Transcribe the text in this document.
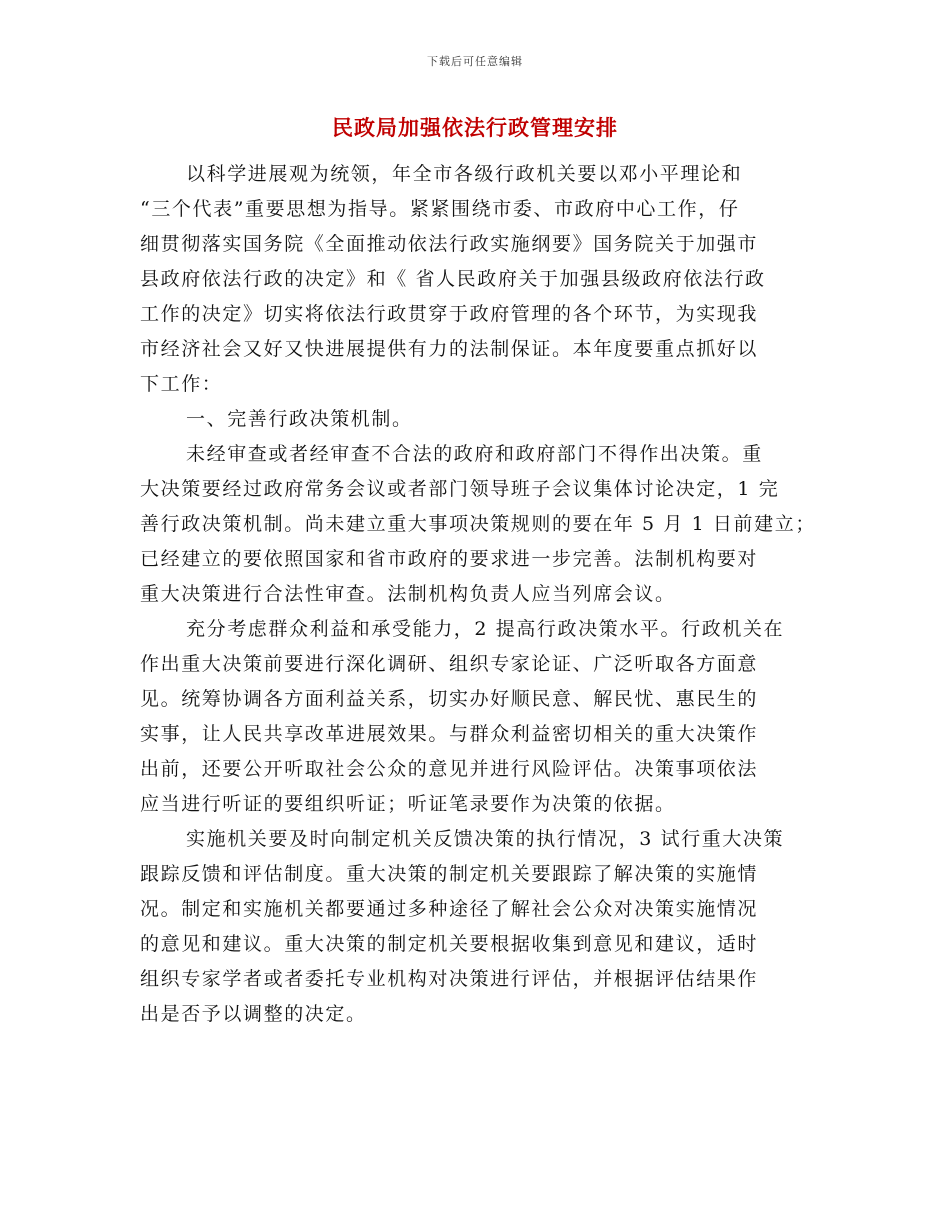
下载后可任意编辑
民政局加强依法行政管理安排
以科学进展观为统领，年全市各级行政机关要以邓小平理论和
“三个代表”重要思想为指导。紧紧围绕市委、市政府中心工作，仔
细贯彻落实国务院《全面推动依法行政实施纲要》国务院关于加强市
县政府依法行政的决定》和《 省人民政府关于加强县级政府依法行政
工作的决定》切实将依法行政贯穿于政府管理的各个环节，为实现我
市经济社会又好又快进展提供有力的法制保证。本年度要重点抓好以
下工作：
一、完善行政决策机制。
未经审查或者经审查不合法的政府和政府部门不得作出决策。重
大决策要经过政府常务会议或者部门领导班子会议集体讨论决定，1 完
善行政决策机制。尚未建立重大事项决策规则的要在年 5 月 1 日前建立；
已经建立的要依照国家和省市政府的要求进一步完善。法制机构要对
重大决策进行合法性审查。法制机构负责人应当列席会议。
充分考虑群众利益和承受能力，2 提高行政决策水平。行政机关在
作出重大决策前要进行深化调研、组织专家论证、广泛听取各方面意
见。统筹协调各方面利益关系，切实办好顺民意、解民忧、惠民生的
实事，让人民共享改革进展效果。与群众利益密切相关的重大决策作
出前，还要公开听取社会公众的意见并进行风险评估。决策事项依法
应当进行听证的要组织听证；听证笔录要作为决策的依据。
实施机关要及时向制定机关反馈决策的执行情况，3 试行重大决策
跟踪反馈和评估制度。重大决策的制定机关要跟踪了解决策的实施情
况。制定和实施机关都要通过多种途径了解社会公众对决策实施情况
的意见和建议。重大决策的制定机关要根据收集到意见和建议，适时
组织专家学者或者委托专业机构对决策进行评估，并根据评估结果作
出是否予以调整的决定。
